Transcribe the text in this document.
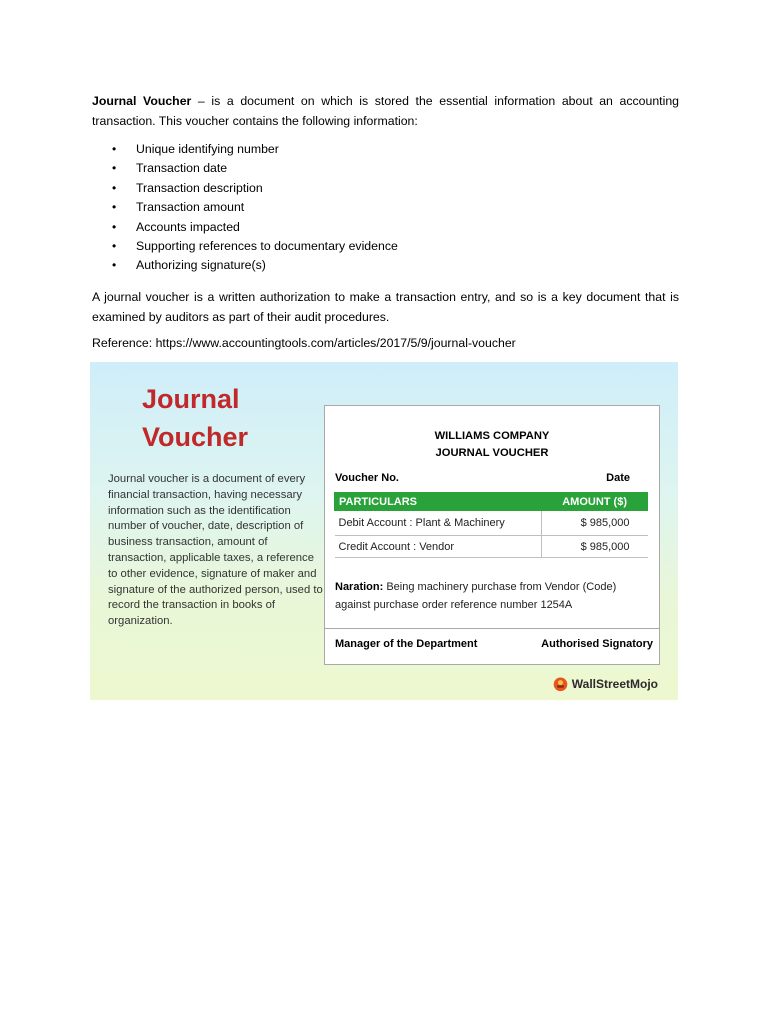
Journal Voucher – is a document on which is stored the essential information about an accounting transaction. This voucher contains the following information:

• Unique identifying number
• Transaction date
• Transaction description
• Transaction amount
• Accounts impacted
• Supporting references to documentary evidence
• Authorizing signature(s)

A journal voucher is a written authorization to make a transaction entry, and so is a key document that is examined by auditors as part of their audit procedures.

Reference: https://www.accountingtools.com/articles/2017/5/9/journal-voucher

Journal
Voucher

Journal voucher is a document of every financial transaction, having necessary information such as the identification number of voucher, date, description of business transaction, amount of transaction, applicable taxes, a reference to other evidence, signature of maker and signature of the authorized person, used to record the transaction in books of organization.

WILLIAMS COMPANY
JOURNAL VOUCHER
Voucher No.	Date
PARTICULARS	AMOUNT ($)
Debit Account : Plant & Machinery	$ 985,000
Credit Account : Vendor	$ 985,000
Naration: Being machinery purchase from Vendor (Code) against purchase order reference number 1254A
Manager of the Department	Authorised Signatory
WallStreetMojo
